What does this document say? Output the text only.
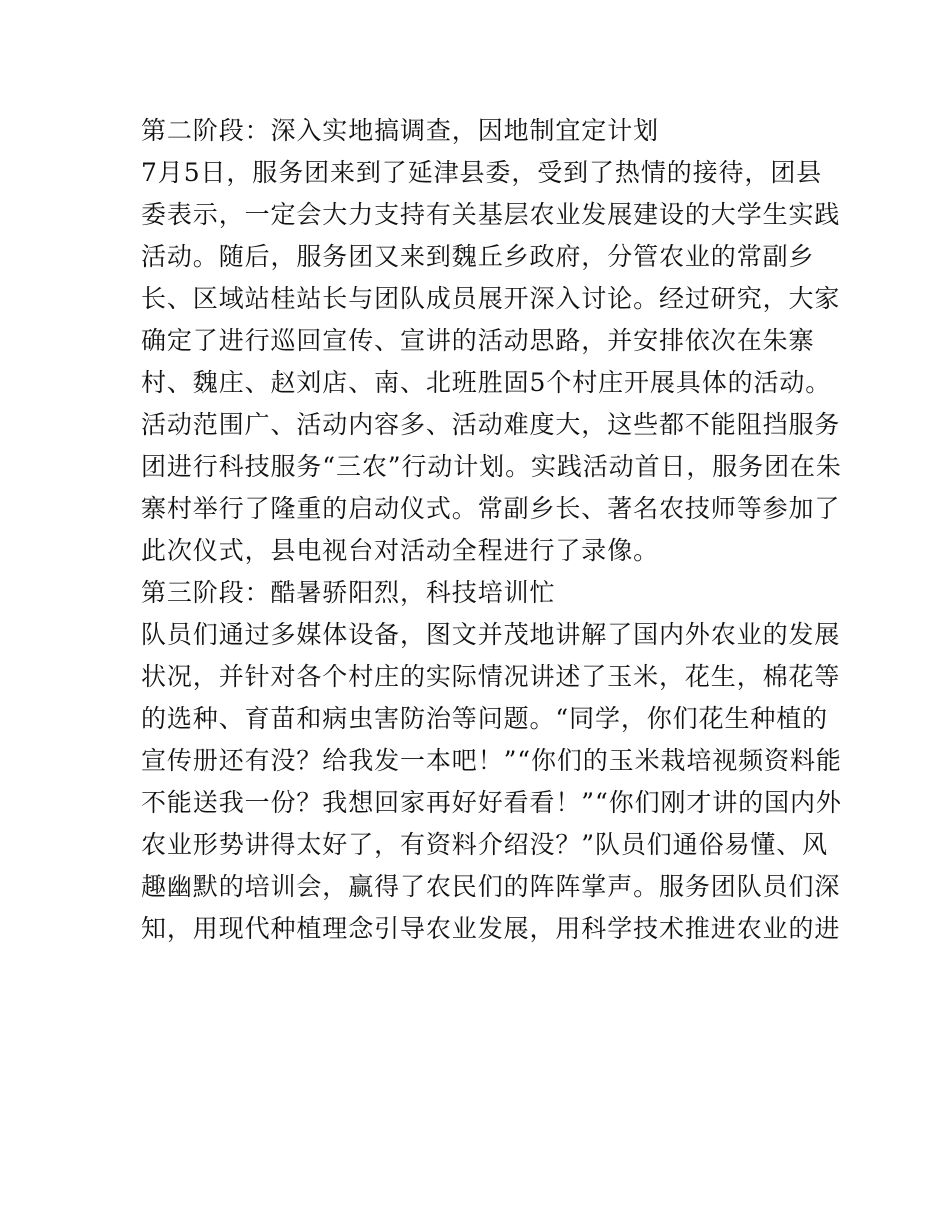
第二阶段：深入实地搞调查，因地制宜定计划
7月5日，服务团来到了延津县委，受到了热情的接待，团县
委表示，一定会大力支持有关基层农业发展建设的大学生实践
活动。随后，服务团又来到魏丘乡政府，分管农业的常副乡
长、区域站桂站长与团队成员展开深入讨论。经过研究，大家
确定了进行巡回宣传、宣讲的活动思路，并安排依次在朱寨
村、魏庄、赵刘店、南、北班胜固5个村庄开展具体的活动。
活动范围广、活动内容多、活动难度大，这些都不能阻挡服务
团进行科技服务“三农”行动计划。实践活动首日，服务团在朱
寨村举行了隆重的启动仪式。常副乡长、著名农技师等参加了
此次仪式，县电视台对活动全程进行了录像。
第三阶段：酷暑骄阳烈，科技培训忙
队员们通过多媒体设备，图文并茂地讲解了国内外农业的发展
状况，并针对各个村庄的实际情况讲述了玉米，花生，棉花等
的选种、育苗和病虫害防治等问题。“同学，你们花生种植的
宣传册还有没？给我发一本吧！”“你们的玉米栽培视频资料能
不能送我一份？我想回家再好好看看！”“你们刚才讲的国内外
农业形势讲得太好了，有资料介绍没？”队员们通俗易懂、风
趣幽默的培训会，赢得了农民们的阵阵掌声。服务团队员们深
知，用现代种植理念引导农业发展，用科学技术推进农业的进
